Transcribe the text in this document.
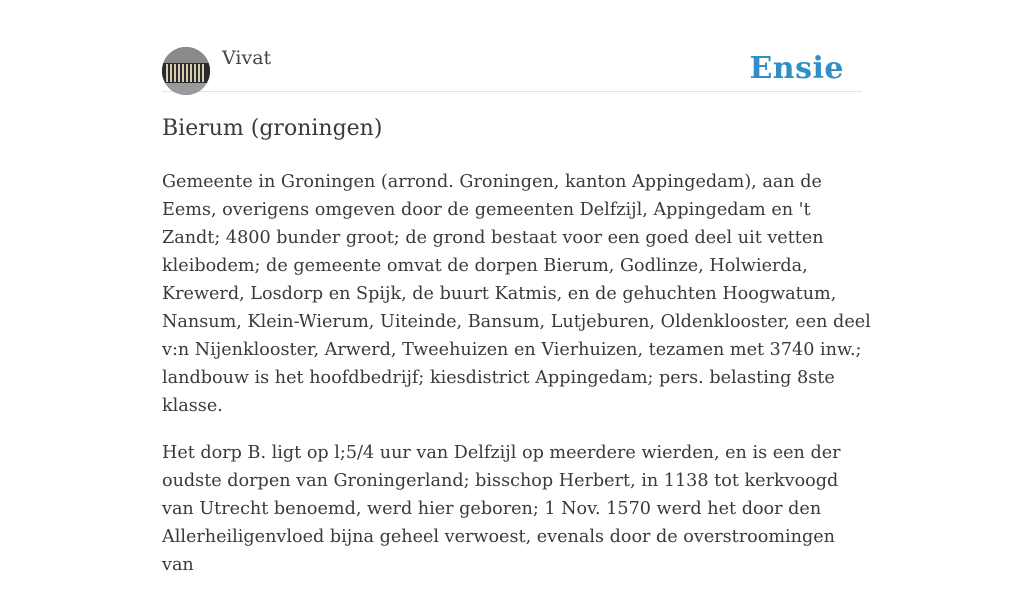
Vivat	Ensie
Bierum (groningen)

Gemeente in Groningen (arrond. Groningen, kanton Appingedam), aan de Eems, overigens omgeven door de gemeenten Delfzijl, Appingedam en 't Zandt; 4800 bunder groot; de grond bestaat voor een goed deel uit vetten kleibodem; de gemeente omvat de dorpen Bierum, Godlinze, Holwierda, Krewerd, Losdorp en Spijk, de buurt Katmis, en de gehuchten Hoogwatum, Nansum, Klein-Wierum, Uiteinde, Bansum, Lutjeburen, Oldenklooster, een deel v:n Nijenklooster, Arwerd, Tweehuizen en Vierhuizen, tezamen met 3740 inw.; landbouw is het hoofdbedrijf; kiesdistrict Appingedam; pers. belasting 8ste klasse.

Het dorp B. ligt op l;5/4 uur van Delfzijl op meerdere wierden, en is een der oudste dorpen van Groningerland; bisschop Herbert, in 1138 tot kerkvoogd van Utrecht benoemd, werd hier geboren; 1 Nov. 1570 werd het door den Allerheiligenvloed bijna geheel verwoest, evenals door de overstroomingen van
